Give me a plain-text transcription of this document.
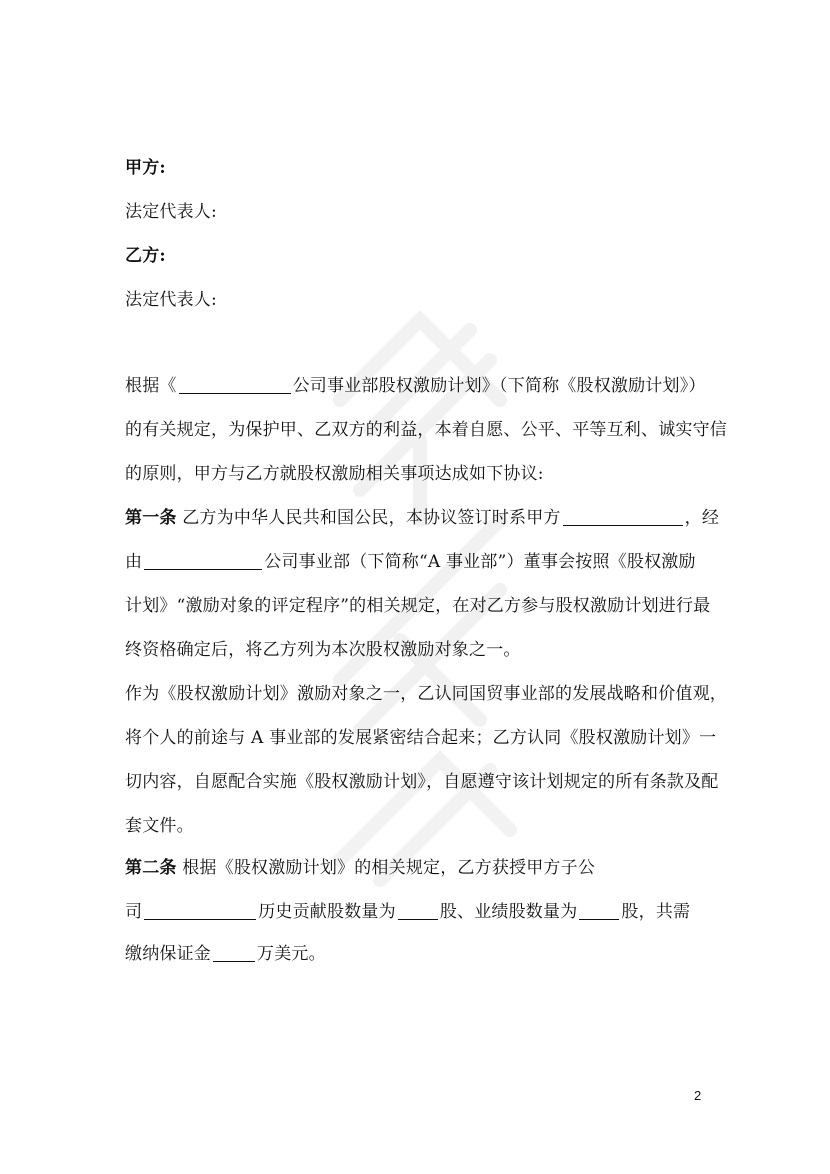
甲方:

法定代表人:

乙方:

法定代表人:

根据《	公司事业部股权激励计划》（下简称《股权激励计划》）

的有关规定，为保护甲、乙双方的利益，本着自愿、公平、平等互利、诚实守信

的原则，甲方与乙方就股权激励相关事项达成如下协议:

第一条 乙方为中华人民共和国公民，本协议签订时系甲方	，经

由	公司事业部（下简称“A 事业部”）董事会按照《股权激励

计划》“激励对象的评定程序”的相关规定，在对乙方参与股权激励计划进行最

终资格确定后，将乙方列为本次股权激励对象之一。

作为《股权激励计划》激励对象之一，乙认同国贸事业部的发展战略和价值观，

将个人的前途与 A 事业部的发展紧密结合起来；乙方认同《股权激励计划》一

切内容，自愿配合实施《股权激励计划》，自愿遵守该计划规定的所有条款及配

套文件。

第二条 根据《股权激励计划》的相关规定，乙方获授甲方子公

司	历史贡献股数量为	股、业绩股数量为	股，共需

缴纳保证金	万美元。

2
